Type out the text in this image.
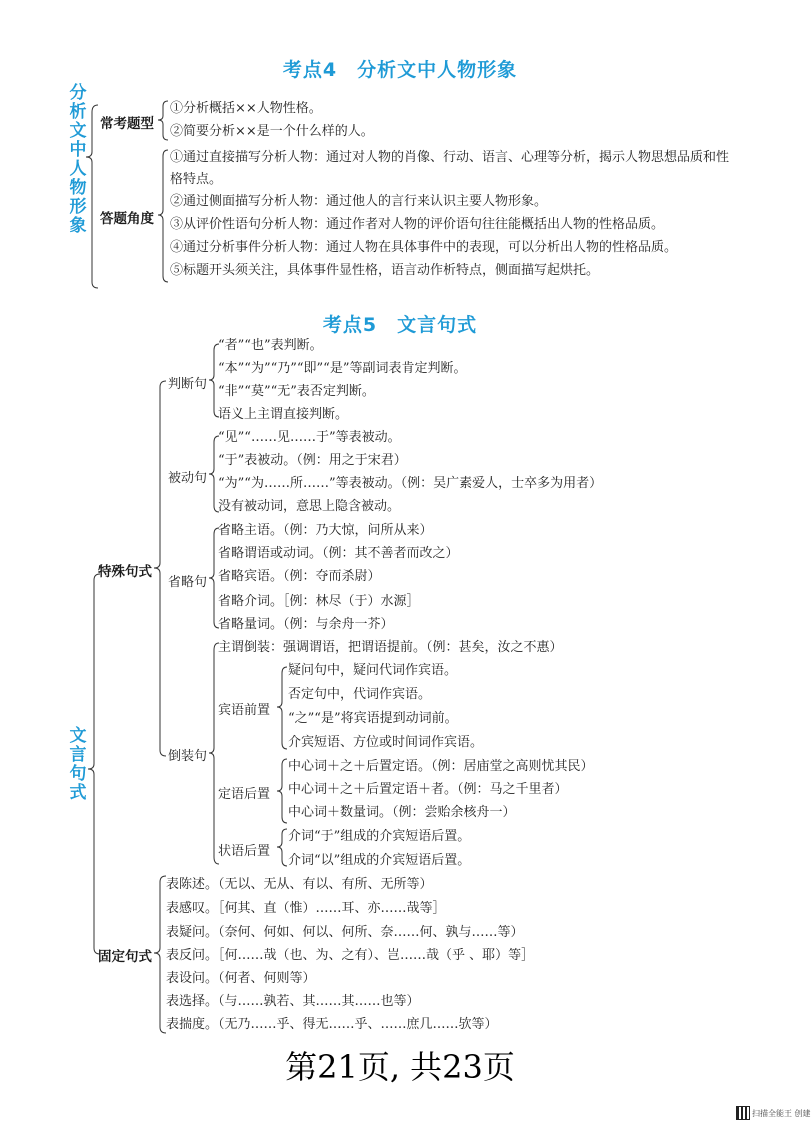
考点4　分析文中人物形象
分析文中人物形象
常考题型
①分析概括××人物性格。
②简要分析××是一个什么样的人。
答题角度
①通过直接描写分析人物：通过对人物的肖像、行动、语言、心理等分析，揭示人物思想品质和性格特点。
②通过侧面描写分析人物：通过他人的言行来认识主要人物形象。
③从评价性语句分析人物：通过作者对人物的评价语句往往能概括出人物的性格品质。
④通过分析事件分析人物：通过人物在具体事件中的表现，可以分析出人物的性格品质。
⑤标题开头须关注，具体事件显性格，语言动作析特点，侧面描写起烘托。
考点5　文言句式
文言句式
特殊句式
判断句
“者”“也”表判断。
“本”“为”“乃”“即”“是”等副词表肯定判断。
“非”“莫”“无”表否定判断。
语义上主谓直接判断。
被动句
“见”“……见……于”等表被动。
“于”表被动。（例：用之于宋君）
“为”“为……所……”等表被动。（例：吴广素爱人，士卒多为用者）
没有被动词，意思上隐含被动。
省略句
省略主语。（例：乃大惊，问所从来）
省略谓语或动词。（例：其不善者而改之）
省略宾语。（例：夺而杀尉）
省略介词。［例：林尽（于）水源］
省略量词。（例：与余舟一芥）
倒装句
主谓倒装：强调谓语，把谓语提前。（例：甚矣，汝之不惠）
宾语前置
疑问句中，疑问代词作宾语。
否定句中，代词作宾语。
“之”“是”将宾语提到动词前。
介宾短语、方位或时间词作宾语。
定语后置
中心词＋之＋后置定语。（例：居庙堂之高则忧其民）
中心词＋之＋后置定语＋者。（例：马之千里者）
中心词＋数量词。（例：尝贻余核舟一）
状语后置
介词“于”组成的介宾短语后置。
介词“以”组成的介宾短语后置。
固定句式
表陈述。（无以、无从、有以、有所、无所等）
表感叹。［何其、直（惟）……耳、亦……哉等］
表疑问。（奈何、何如、何以、何所、奈……何、孰与……等）
表反问。［何……哉（也、为、之有）、岂……哉（乎 、耶）等］
表设问。（何者、何则等）
表选择。（与……孰若、其……其……也等）
表揣度。（无乃……乎、得无……乎、……庶几……欤等）
第21页, 共23页
扫描全能王 创建
